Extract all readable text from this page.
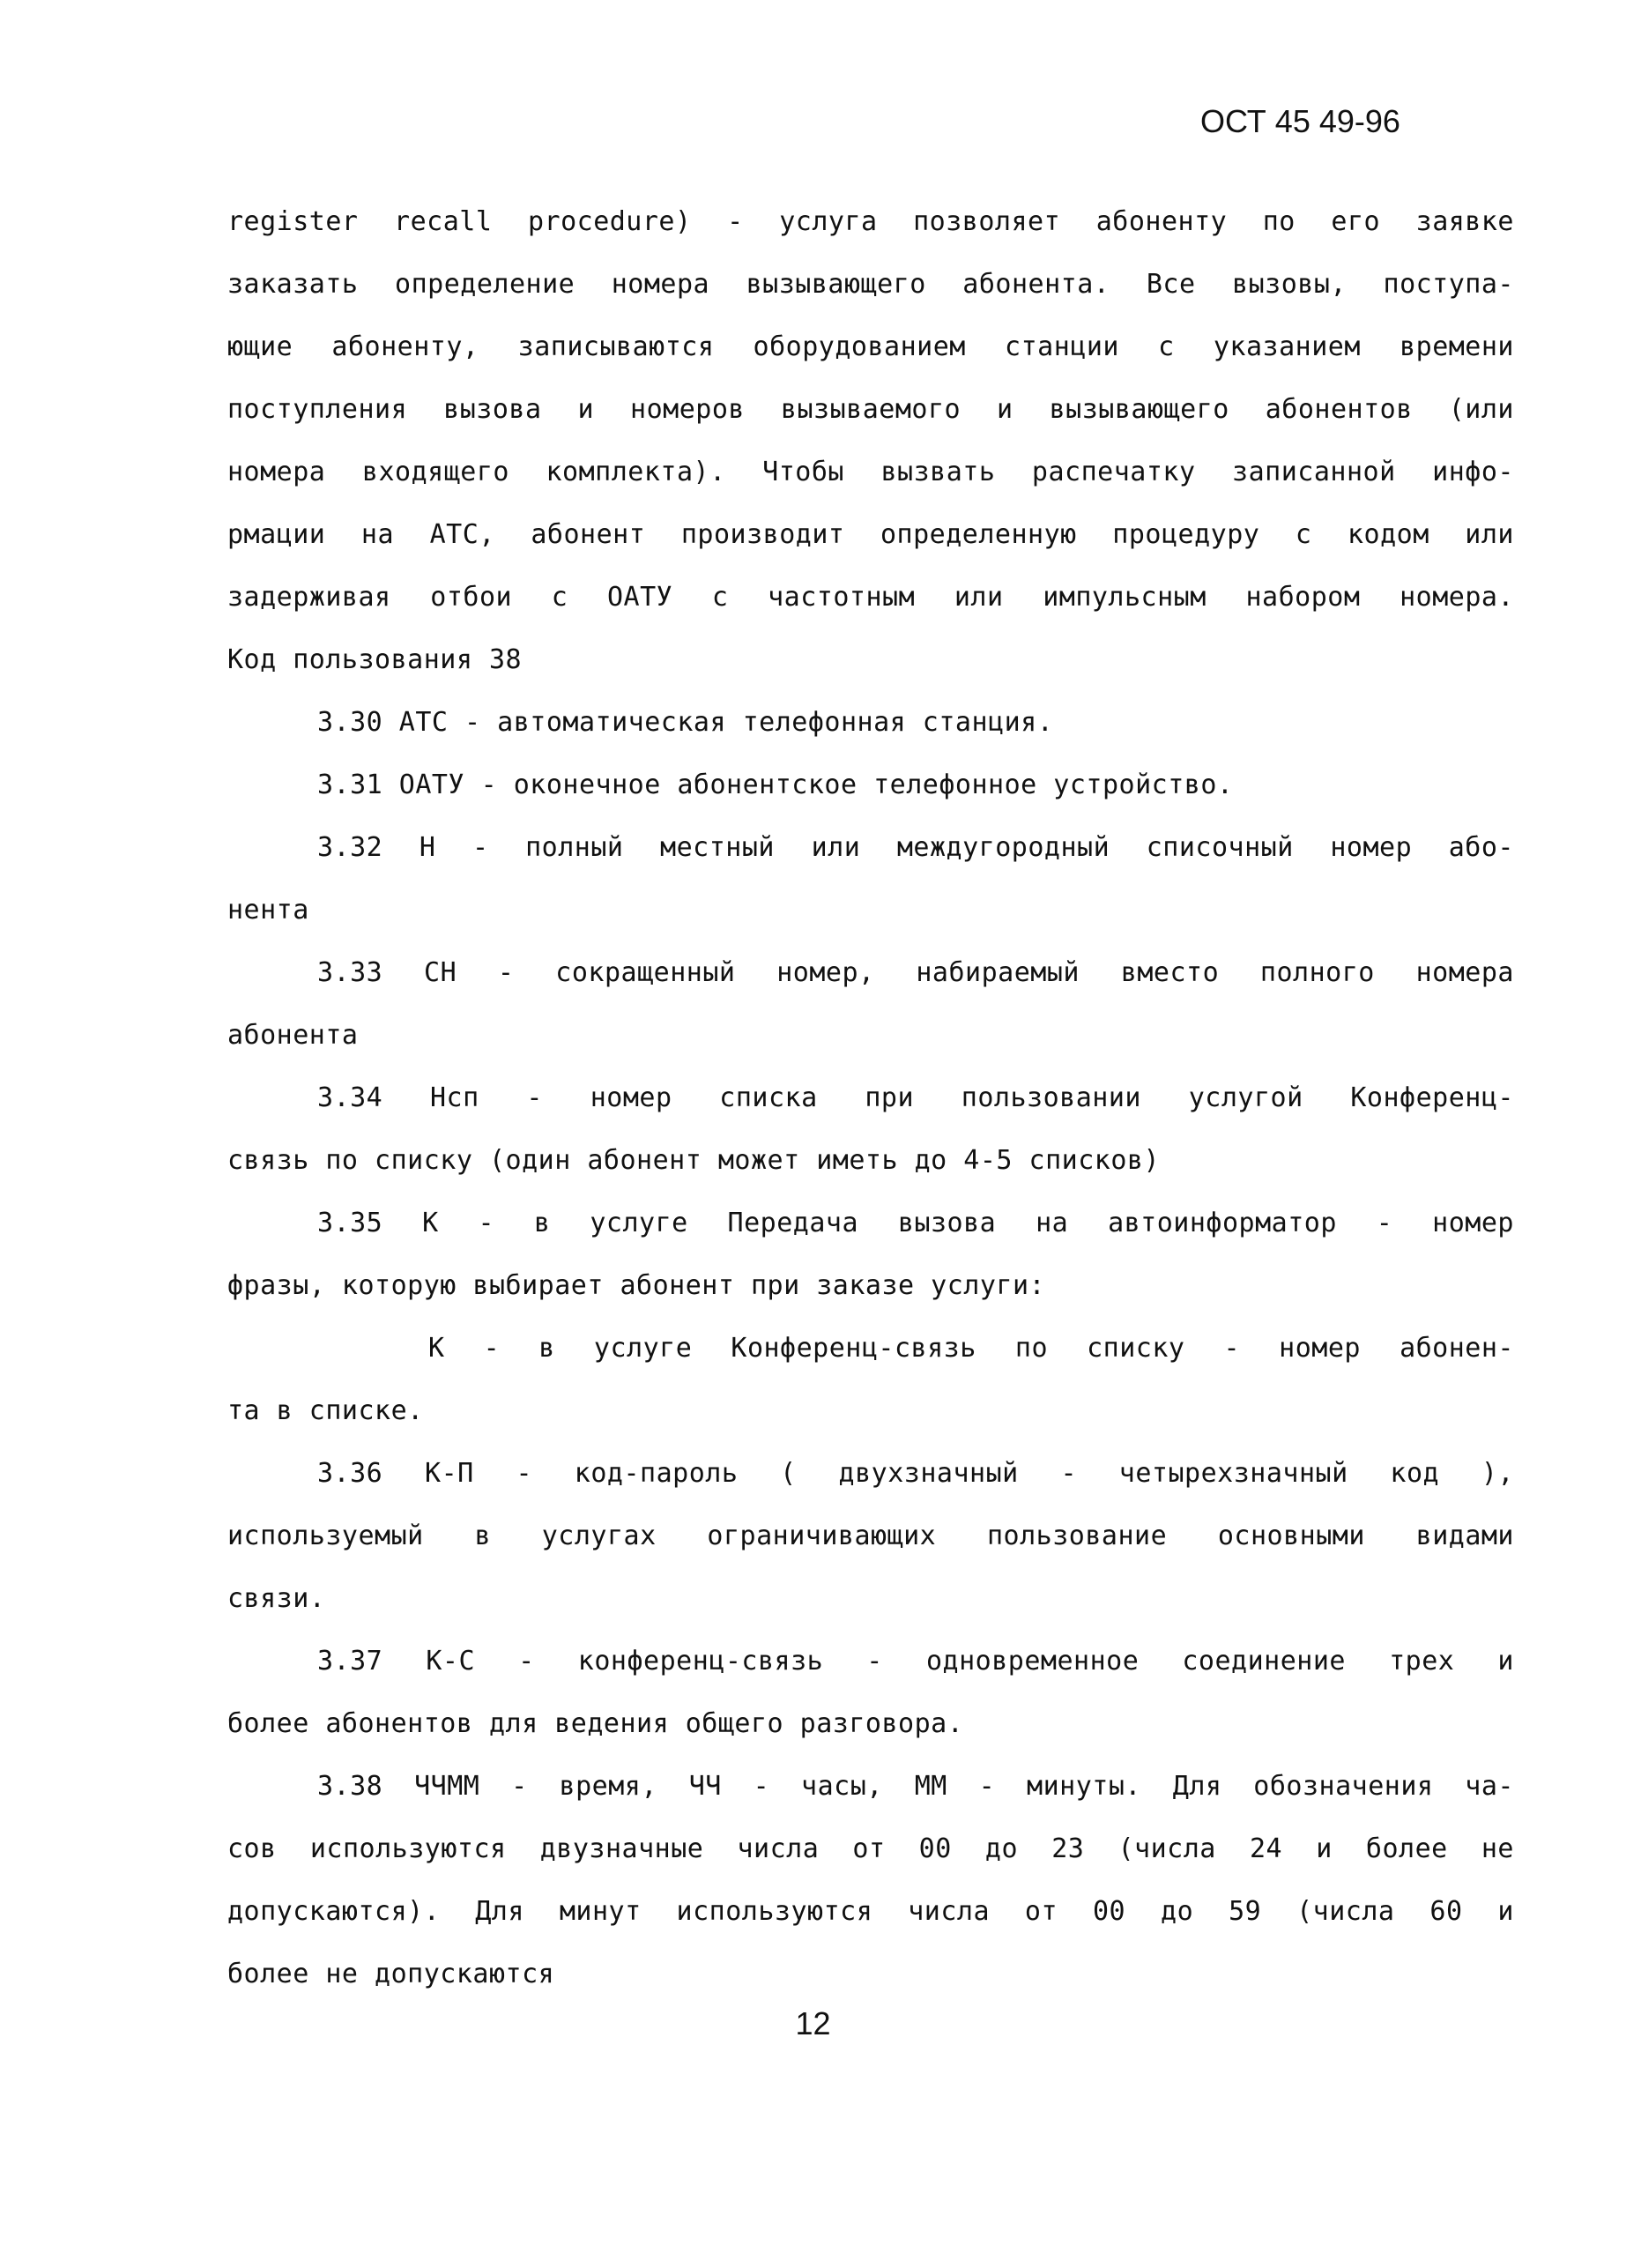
ОСТ 45 49-96
register recall procedure) - услуга позволяет абоненту по его заявке
заказать определение номера вызывающего абонента. Все вызовы, поступа-
ющие абоненту, записываются оборудованием станции с указанием времени
поступления вызова и номеров вызываемого и вызывающего абонентов (или
номера входящего комплекта). Чтобы вызвать распечатку записанной инфо-
рмации на АТС, абонент производит определенную процедуру с кодом или
задерживая отбои с ОАТУ с частотным или импульсным набором номера.
Код пользования 38
3.30 АТС - автоматическая телефонная станция.
3.31 ОАТУ - оконечное абонентское телефонное устройство.
3.32 Н - полный местный или междугородный списочный номер або-
нента
3.33 СН - сокращенный номер, набираемый вместо полного номера
абонента
3.34 Нсп - номер списка при пользовании услугой Конференц-
связь по списку (один абонент может иметь до 4-5 списков)
3.35 К - в услуге Передача вызова на автоинформатор - номер
фразы, которую выбирает абонент при заказе услуги:
К - в услуге Конференц-связь по списку - номер абонен-
та в списке.
3.36 К-П - код-пароль ( двухзначный - четырехзначный код ),
используемый в услугах ограничивающих пользование основными видами
связи.
3.37 К-С - конференц-связь - одновременное соединение трех и
более абонентов для ведения общего разговора.
3.38 ЧЧММ - время, ЧЧ - часы, ММ - минуты. Для обозначения ча-
сов используются двузначные числа от 00 до 23 (числа 24 и более не
допускаются). Для минут используются числа от 00 до 59 (числа 60 и
более не допускаются
12
